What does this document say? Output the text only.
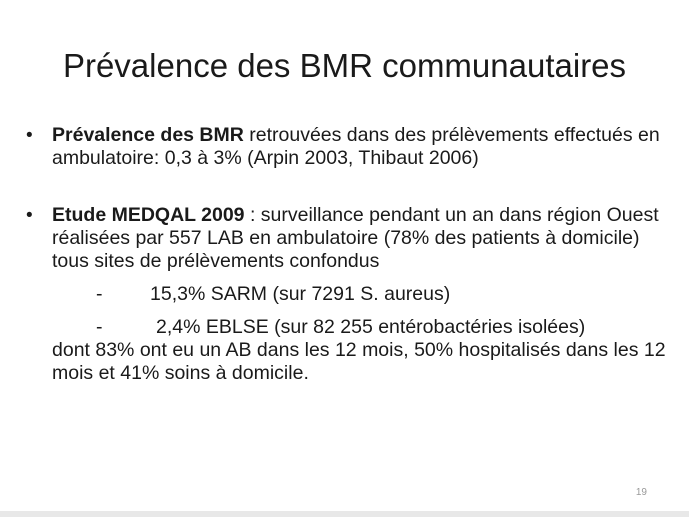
Prévalence des BMR communautaires
• Prévalence des BMR retrouvées dans des prélèvements effectués en ambulatoire: 0,3 à 3% (Arpin 2003, Thibaut 2006)
• Etude MEDQAL 2009 : surveillance pendant un an dans région Ouest réalisées par 557 LAB en ambulatoire (78% des patients à domicile) tous sites de prélèvements confondus
- 15,3% SARM (sur 7291 S. aureus)
-	2,4% EBLSE (sur 82 255 entérobactéries isolées)
dont 83% ont eu un AB dans les 12 mois, 50% hospitalisés dans les 12 mois et 41% soins à domicile.
19
